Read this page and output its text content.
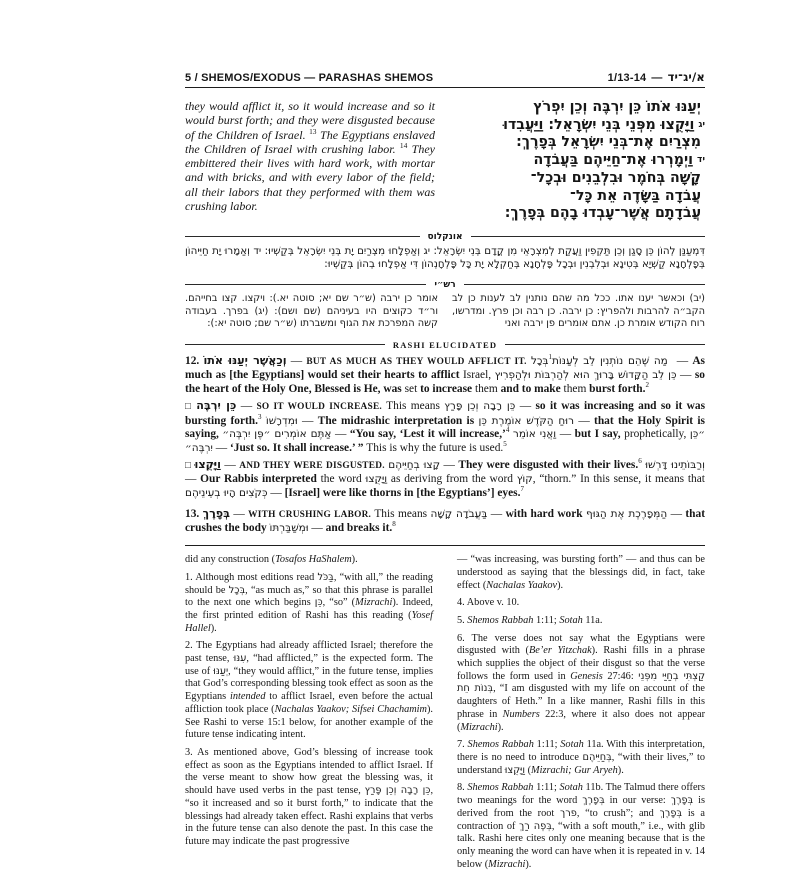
5 / SHEMOS/EXODUS — PARASHAS SHEMOS	1/13-14 — א/יג־יד
they would afflict it, so it would increase and so it would burst forth; and they were disgusted because of the Children of Israel. $^{13}$ The Egyptians enslaved the Children of Israel with crushing labor. $^{14}$ They embittered their lives with hard work, with mortar and with bricks, and with every labor of the field; all their labors that they performed with them was crushing labor.
יְעַנּוּ אֹתוֹ כֵּן יִרְבֶּה וְכֵן יִפְרֹץ
יג
וַיָּקֻצוּ מִפְּנֵי בְּנֵי יִשְׂרָאֵל: וַיַּעֲבִדוּ
מִצְרַיִם אֶת־בְּנֵי יִשְׂרָאֵל בְּפָרֶךְ:
יד
וַיְמָרְרוּ אֶת־חַיֵּיהֶם בַּעֲבֹדָה
קָשָׁה בְּחֹמֶר וּבִלְבֵנִים וּבְכָל־
עֲבֹדָה בַּשָּׂדֶה אֵת כָּל־
עֲבֹדָתָם אֲשֶׁר־עָבְדוּ בָהֶם בְּפָרֶךְ:
אונקלוס
דִּמְעַנַּן לְהוֹן כֵּן סָגַן וְכֵן תַּקְפִין וַעֲקַת לְמִצְרָאֵי מִן קֳדָם בְּנֵי יִשְׂרָאֵל: יג וְאַפְלָחוּ מִצְרַיִם יָת בְּנֵי יִשְׂרָאֵל בְּקַשְׁיוּ: יד וְאַמָרוּ יָת חַיֵּיהוֹן בְּפָלְחָנָא קַשְׁיָא בְּטִינָא וּבְלִבְנִין וּבְכָל פָּלְחָנָא בְּחַקְלָא יָת כָּל פָּלְחָנְהוֹן דִּי אַפְלָחוּ בְהוֹן בְּקַשְׁיוּ:
רש״י
(יב) וכאשר יענו אתו. ככל מה שהם נותנין לב לענות כן לב הקב״ה להרבות ולהפריץ: כן ירבה. כן רבה וכן פרץ. ומדרשו, רוח הקודש אומרת כן. אתם אומרים פן ירבה ואני
אומר כן ירבה (ש״ר שם יא; סוטה יא.): ויקצו. קצו בחייהם. ור״ד כקוצים היו בעיניהם (שם ושם): (יג) בפרך. בעבודה קשה המפרכת את הגוף ומשברתו (ש״ר שם; סוטה יא:):
RASHI ELUCIDATED

12. וְכַאֲשֶׁר יְעַנּוּ אֹתוֹ — BUT AS MUCH AS THEY WOULD AFFLICT IT. בְּכָל$^1$ מַה שֶּׁהֵם נוֹתְנִין לֵב לְעַנּוֹת — As much as [the Egyptians] would set their hearts to afflict Israel, כֵּן לֵב הַקָּדוֹשׁ בָּרוּךְ הוּא לְהַרְבּוֹת וּלְהַפְרִיץ — so the heart of the Holy One, Blessed is He, was set to increase them and to make them burst forth.$^2$

□ כֵּן יִרְבֶּה — SO IT WOULD INCREASE. This means כֵּן רָבָה וְכֵן פָּרַץ — so it was increasing and so it was bursting forth.$^3$ וּמִדְרָשׁוֹ — The midrashic interpretation is רוּחַ הַקֹּדֶשׁ אוֹמֶרֶת כֵּן — that the Holy Spirit is saying, אַתֶּם אוֹמְרִים ״פֶּן יִרְבֶּה״ — “You say, ‘Lest it will increase,’$^4$ וַאֲנִי אוֹמֵר — but I say, prophetically, ״כֵּן יִרְבֶּה״ — ‘Just so. It shall increase.’ ” This is why the future is used.$^5$

□ וַיָּקֻצוּ — AND THEY WERE DISGUSTED. קָצוּ בְחַיֵּיהֶם — They were disgusted with their lives.$^6$ וְרַבּוֹתֵינוּ דָּרְשׁוּ — Our Rabbis interpreted the word וַיָּקֻצוּ as deriving from the word קוֹץ, “thorn.” In this sense, it means that כְּקֹצִים הָיוּ בְעֵינֵיהֶם — [Israel] were like thorns in [the Egyptians’] eyes.$^7$

13. בְּפָרֶךְ — WITH CRUSHING LABOR. This means בַּעֲבֹדָה קָשָׁה — with hard work הַמְּפָרֶכֶת אֶת הַגּוּף — that crushes the body וּמְשַׁבַּרְתּוֹ — and breaks it.$^8$

did any construction (Tosafos HaShalem).

1. Although most editions read בַּכֹּל, “with all,” the reading should be בְּכָל, “as much as,” so that this phrase is parallel to the next one which begins כֵּן, “so” (Mizrachi). Indeed, the first printed edition of Rashi has this reading (Yosef Hallel).

2. The Egyptians had already afflicted Israel; therefore the past tense, עִנּוּ, “had afflicted,” is the expected form. The use of יְעַנּוּ, “they would afflict,” in the future tense, implies that God’s corresponding blessing took effect as soon as the Egyptians intended to afflict Israel, even before the actual affliction took place (Nachalas Yaakov; Sifsei Chachamim). See Rashi to verse 15:1 below, for another example of the future tense indicating intent.

3. As mentioned above, God’s blessing of increase took effect as soon as the Egyptians intended to afflict Israel. If the verse meant to show how great the blessing was, it should have used verbs in the past tense, כֵּן רָבָה וְכֵן פָּרַץ, “so it increased and so it burst forth,” to indicate that the blessings had already taken effect. Rashi explains that verbs in the future tense can also denote the past. In this case the future may indicate the past progressive

— “was increasing, was bursting forth” — and thus can be understood as saying that the blessings did, in fact, take effect (Nachalas Yaakov).

4. Above v. 10.

5. Shemos Rabbah 1:11; Sotah 11a.

6. The verse does not say what the Egyptians were disgusted with (Be’er Yitzchak). Rashi fills in a phrase which supplies the object of their disgust so that the verse follows the form used in Genesis 27:46: קַצְתִּי בְחַיַּי מִפְּנֵי בְּנוֹת חֵת, “I am disgusted with my life on account of the daughters of Heth.” In a like manner, Rashi fills in this phrase in Numbers 22:3, where it also does not appear (Mizrachi).

7. Shemos Rabbah 1:11; Sotah 11a. With this interpretation, there is no need to introduce בְּחַיֵּיהֶם, “with their lives,” to understand וַיָּקֻצוּ (Mizrachi; Gur Aryeh).

8. Shemos Rabbah 1:11; Sotah 11b. The Talmud there offers two meanings for the word בְּפָרֶךְ in our verse: בְּפָרֶךְ is derived from the root פרך, “to crush”; and בְּפָרֶךְ is a contraction of בְּפֶה רַךְ, “with a soft mouth,” i.e., with glib talk. Rashi here cites only one meaning because that is the only meaning the word can have when it is repeated in v. 14 below (Mizrachi).
